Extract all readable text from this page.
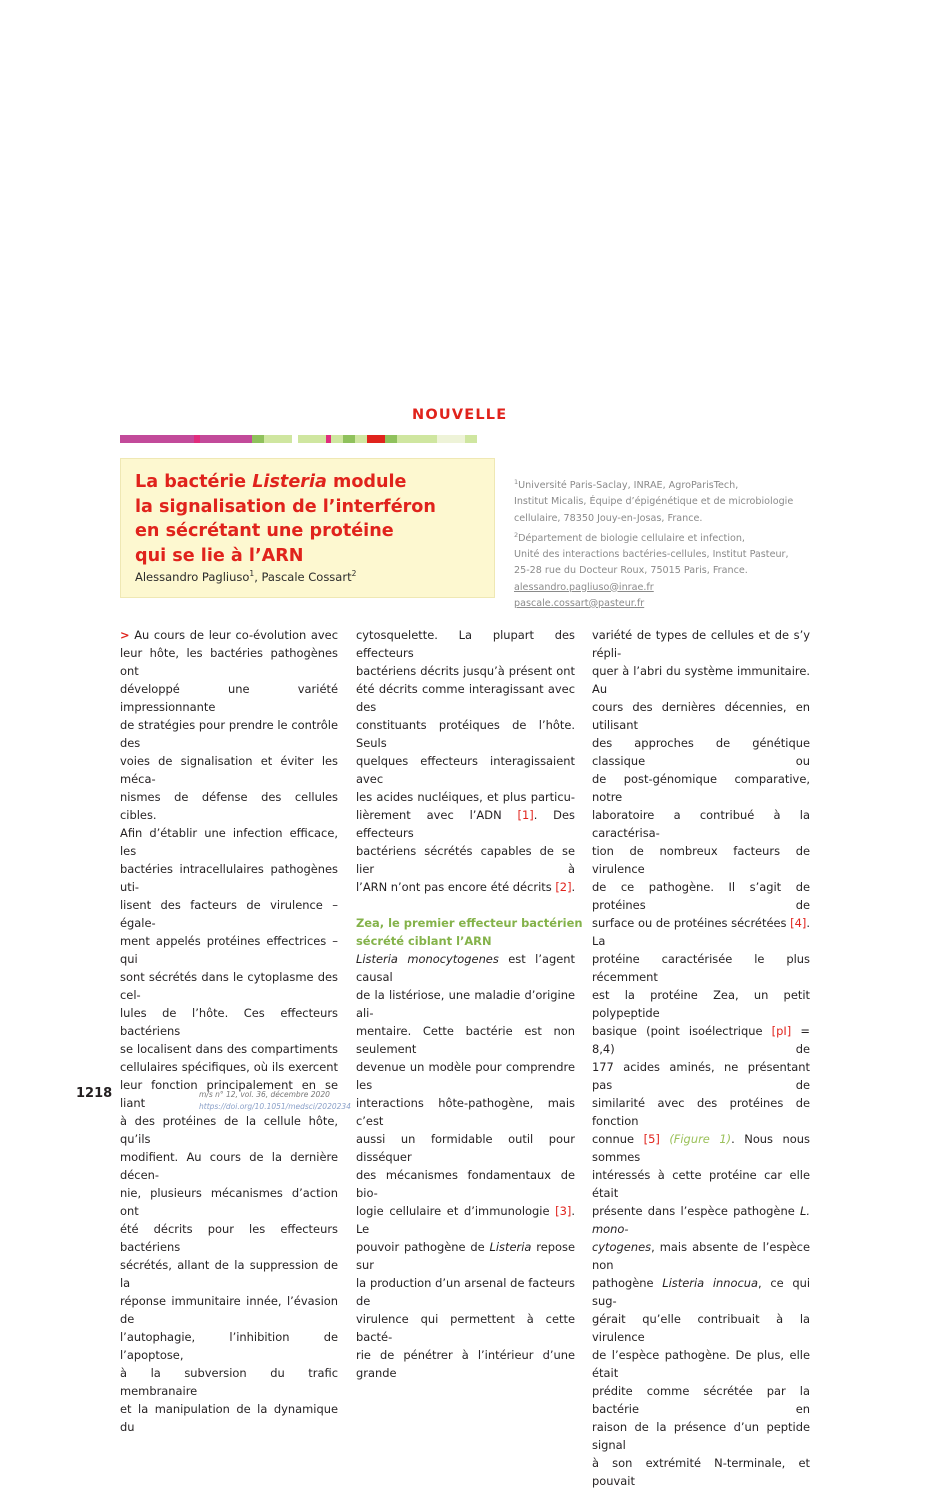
NOUVELLE
La bactérie Listeria module
la signalisation de l’interféron
en sécrétant une protéine
qui se lie à l’ARN
Alessandro Pagliuso$^1$, Pascale Cossart$^2$
$^1$Université Paris-Saclay, INRAE, AgroParisTech,
Institut Micalis, Équipe d’épigénétique et de microbiologie
cellulaire, 78350 Jouy-en-Josas, France.
$^2$Département de biologie cellulaire et infection,
Unité des interactions bactéries-cellules, Institut Pasteur,
25-28 rue du Docteur Roux, 75015 Paris, France.
alessandro.pagliuso@inrae.fr
pascale.cossart@pasteur.fr
> Au cours de leur co-évolution avec
leur hôte, les bactéries pathogènes ont
développé une variété impressionnante
de stratégies pour prendre le contrôle des
voies de signalisation et éviter les méca-
nismes de défense des cellules cibles.
Afin d’établir une infection efficace, les
bactéries intracellulaires pathogènes uti-
lisent des facteurs de virulence – égale-
ment appelés protéines effectrices – qui
sont sécrétés dans le cytoplasme des cel-
lules de l’hôte. Ces effecteurs bactériens
se localisent dans des compartiments
cellulaires spécifiques, où ils exercent
leur fonction principalement en se liant
à des protéines de la cellule hôte, qu’ils
modifient. Au cours de la dernière décen-
nie, plusieurs mécanismes d’action ont
été décrits pour les effecteurs bactériens
sécrétés, allant de la suppression de la
réponse immunitaire innée, l’évasion de
l’autophagie, l’inhibition de l’apoptose,
à la subversion du trafic membranaire
et la manipulation de la dynamique du
cytosquelette. La plupart des effecteurs
bactériens décrits jusqu’à présent ont
été décrits comme interagissant avec des
constituants protéiques de l’hôte. Seuls
quelques effecteurs interagissaient avec
les acides nucléiques, et plus particu-
lièrement avec l’ADN [1]. Des effecteurs
bactériens sécrétés capables de se lier à
l’ARN n’ont pas encore été décrits [2].
Zea, le premier effecteur bactérien
sécrété ciblant l’ARN
Listeria monocytogenes est l’agent causal
de la listériose, une maladie d’origine ali-
mentaire. Cette bactérie est non seulement
devenue un modèle pour comprendre les
interactions hôte-pathogène, mais c’est
aussi un formidable outil pour disséquer
des mécanismes fondamentaux de bio-
logie cellulaire et d’immunologie [3]. Le
pouvoir pathogène de Listeria repose sur
la production d’un arsenal de facteurs de
virulence qui permettent à cette bacté-
rie de pénétrer à l’intérieur d’une grande
variété de types de cellules et de s’y répli-
quer à l’abri du système immunitaire. Au
cours des dernières décennies, en utilisant
des approches de génétique classique ou
de post-génomique comparative, notre
laboratoire a contribué à la caractérisa-
tion de nombreux facteurs de virulence
de ce pathogène. Il s’agit de protéines de
surface ou de protéines sécrétées [4]. La
protéine caractérisée le plus récemment
est la protéine Zea, un petit polypeptide
basique (point isoélectrique [pI] = 8,4) de
177 acides aminés, ne présentant pas de
similarité avec des protéines de fonction
connue [5] (Figure 1). Nous nous sommes
intéressés à cette protéine car elle était
présente dans l’espèce pathogène L. mono-
cytogenes, mais absente de l’espèce non
pathogène Listeria innocua, ce qui sug-
gérait qu’elle contribuait à la virulence
de l’espèce pathogène. De plus, elle était
prédite comme sécrétée par la bactérie en
raison de la présence d’un peptide signal
à son extrémité N-terminale, et pouvait
1218	m/s n° 12, vol. 36, décembre 2020
https://doi.org/10.1051/medsci/2020234
